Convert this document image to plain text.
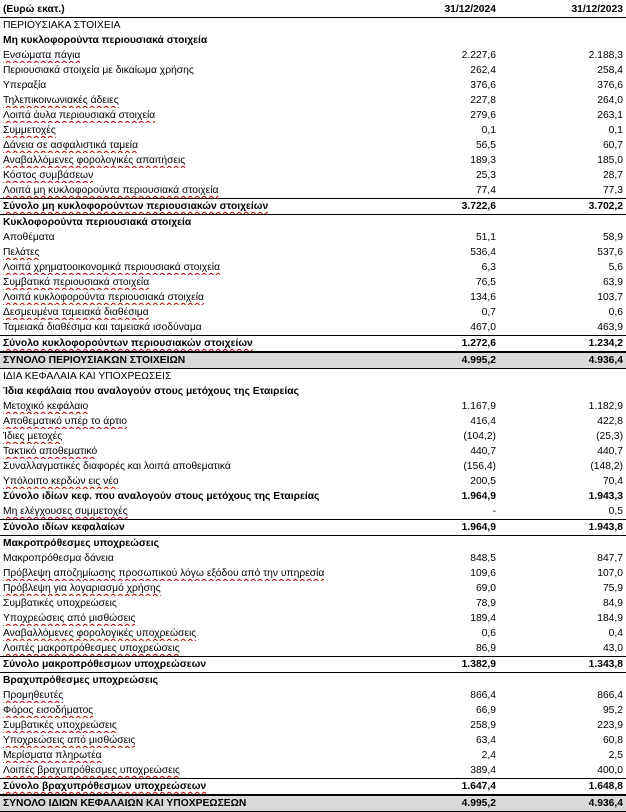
(Ευρώ εκατ.)	31/12/2024	31/12/2023
ΠΕΡΙΟΥΣΙΑΚΑ ΣΤΟΙΧΕΙΑ
Μη κυκλοφορούντα περιουσιακά στοιχεία
Ενσώματα πάγια	2.227,6	2.188,3
Περιουσιακά στοιχεία με δικαίωμα χρήσης	262,4	258,4
Υπεραξία	376,6	376,6
Τηλεπικοινωνιακές άδειες	227,8	264,0
Λοιπά άυλα περιουσιακά στοιχεία	279,6	263,1
Συμμετοχές	0,1	0,1
Δάνεια σε ασφαλιστικά ταμεία	56,5	60,7
Αναβαλλόμενες φορολογικές απαιτήσεις	189,3	185,0
Κόστος συμβάσεων	25,3	28,7
Λοιπά μη κυκλοφορούντα περιουσιακά στοιχεία	77,4	77,3
Σύνολο μη κυκλοφορούντων περιουσιακών στοιχείων	3.722,6	3.702,2
Κυκλοφορούντα περιουσιακά στοιχεία
Αποθέματα	51,1	58,9
Πελάτες	536,4	537,6
Λοιπά χρηματοοικονομικά περιουσιακά στοιχεία	6,3	5,6
Συμβατικά περιουσιακά στοιχεία	76,5	63,9
Λοιπά κυκλοφορούντα περιουσιακά στοιχεία	134,6	103,7
Δεσμευμένα ταμειακά διαθέσιμα	0,7	0,6
Ταμειακά διαθέσιμα και ταμειακά ισοδύναμα	467,0	463,9
Σύνολο κυκλοφορούντων περιουσιακών στοιχείων	1.272,6	1.234,2
ΣΥΝΟΛΟ ΠΕΡΙΟΥΣΙΑΚΩΝ ΣΤΟΙΧΕΙΩΝ	4.995,2	4.936,4
ΙΔΙΑ ΚΕΦΑΛΑΙΑ ΚΑΙ ΥΠΟΧΡΕΩΣΕΙΣ
Ίδια κεφάλαια που αναλογούν στους μετόχους της Εταιρείας
Μετοχικό κεφάλαιο	1.167,9	1.182,9
Αποθεματικό υπέρ το άρτιο	416,4	422,8
Ίδιες μετοχές	(104,2)	(25,3)
Τακτικό αποθεματικό	440,7	440,7
Συναλλαγματικές διαφορές και λοιπά αποθεματικά	(156,4)	(148,2)
Υπόλοιπο κερδών εις νέο	200,5	70,4
Σύνολο ιδίων κεφ. που αναλογούν στους μετόχους της Εταιρείας	1.964,9	1.943,3
Μη ελέγχουσες συμμετοχές	-	0,5
Σύνολο ιδίων κεφαλαίων	1.964,9	1.943,8
Μακροπρόθεσμες υποχρεώσεις
Μακροπρόθεσμα δάνεια	848,5	847,7
Πρόβλεψη αποζημίωσης προσωπικού λόγω εξόδου από την υπηρεσία	109,6	107,0
Πρόβλεψη για λογαριασμό χρήσης	69,0	75,9
Συμβατικές υποχρεώσεις	78,9	84,9
Υποχρεώσεις από μισθώσεις	189,4	184,9
Αναβαλλόμενες φορολογικές υποχρεώσεις	0,6	0,4
Λοιπές μακροπρόθεσμες υποχρεώσεις	86,9	43,0
Σύνολο μακροπρόθεσμων υποχρεώσεων	1.382,9	1.343,8
Βραχυπρόθεσμες υποχρεώσεις
Προμηθευτές	866,4	866,4
Φόρος εισοδήματος	66,9	95,2
Συμβατικές υποχρεώσεις	258,9	223,9
Υποχρεώσεις από μισθώσεις	63,4	60,8
Μερίσματα πληρωτέα	2,4	2,5
Λοιπές βραχυπρόθεσμες υποχρεώσεις	389,4	400,0
Σύνολο βραχυπρόθεσμων υποχρεώσεων	1.647,4	1.648,8
ΣΥΝΟΛΟ ΙΔΙΩΝ ΚΕΦΑΛΑΙΩΝ ΚΑΙ ΥΠΟΧΡΕΩΣΕΩΝ	4.995,2	4.936,4
